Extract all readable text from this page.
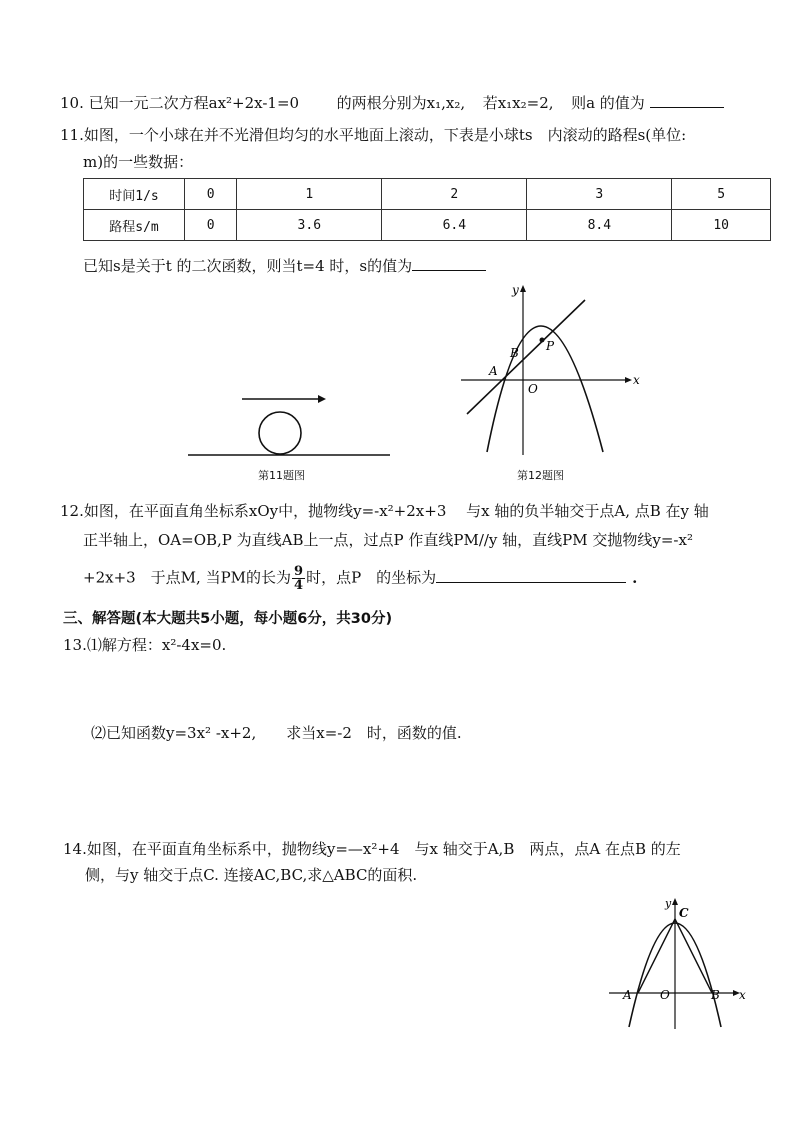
10. 已知一元二次方程ax²+2x-1=0	的两根分别为x₁,x₂, 若x₁x₂=2, 则a 的值为
11.如图，一个小球在并不光滑但均匀的水平地面上滚动，下表是小球ts　内滚动的路程s(单位:
m)的一些数据：
时间1/s	0	1	2	3	5
路程s/m	0	3.6	6.4	8.4	10
已知s是关于t 的二次函数，则当t=4 时，s的值为
第11题图
x
y
O
A
B P
第12题图
12.如图，在平面直角坐标系xOy中，抛物线y=-x²+2x+3　 与x 轴的负半轴交于点A, 点B 在y 轴
正半轴上，OA=OB,P 为直线AB上一点，过点P 作直线PM//y 轴，直线PM 交抛物线y=-x²
+2x+3　于点M, 当PM的长为 $\frac{9}{4}$ 时，点P　的坐标为	.
三、解答题(本大题共5小题，每小题6分，共30分)
13.⑴解方程：x²-4x=0.
⑵已知函数y=3x² -x+2,　　求当x=-2　时，函数的值.
14.如图，在平面直角坐标系中，抛物线y=—x²+4　与x 轴交于A,B　两点，点A 在点B 的左
侧，与y 轴交于点C. 连接AC,BC,求△ABC的面积.
y
C
A O	B x
